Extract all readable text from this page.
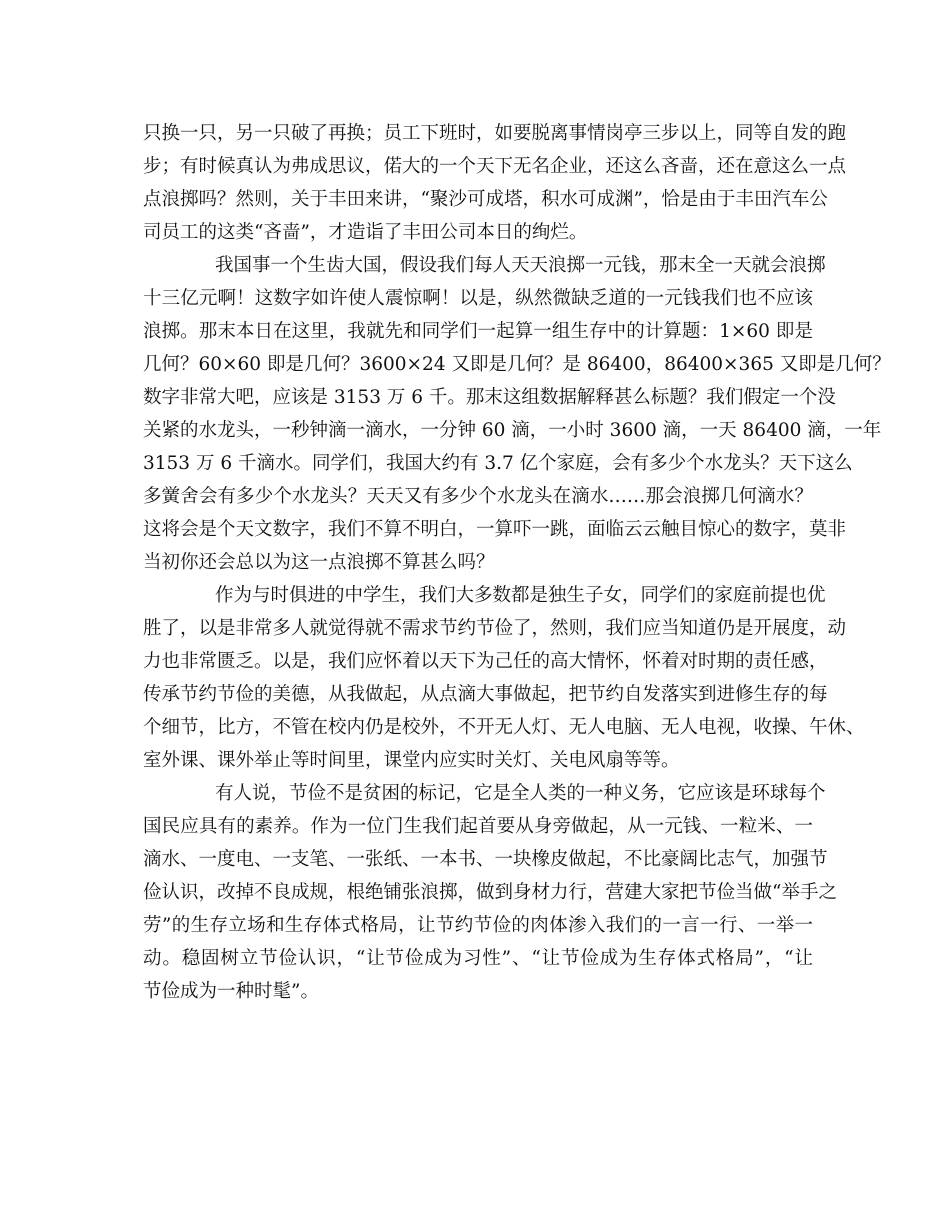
只换一只，另一只破了再换；员工下班时，如要脱离事情岗亭三步以上，同等自发的跑
步；有时候真认为弗成思议，偌大的一个天下无名企业，还这么吝啬，还在意这么一点
点浪掷吗？然则，关于丰田来讲，“聚沙可成塔，积水可成渊”，恰是由于丰田汽车公
司员工的这类“吝啬”，才造诣了丰田公司本日的绚烂。
我国事一个生齿大国，假设我们每人天天浪掷一元钱，那末全一天就会浪掷
十三亿元啊！这数字如许使人震惊啊！以是，纵然微缺乏道的一元钱我们也不应该
浪掷。那末本日在这里，我就先和同学们一起算一组生存中的计算题：1×60 即是
几何？60×60 即是几何？3600×24 又即是几何？是 86400，86400×365 又即是几何？
数字非常大吧，应该是 3153 万 6 千。那末这组数据解释甚么标题？我们假定一个没
关紧的水龙头，一秒钟滴一滴水，一分钟 60 滴，一小时 3600 滴，一天 86400 滴，一年
3153 万 6 千滴水。同学们，我国大约有 3.7 亿个家庭，会有多少个水龙头？天下这么
多黉舍会有多少个水龙头？天天又有多少个水龙头在滴水……那会浪掷几何滴水？
这将会是个天文数字，我们不算不明白，一算吓一跳，面临云云触目惊心的数字，莫非
当初你还会总以为这一点浪掷不算甚么吗？
作为与时俱进的中学生，我们大多数都是独生子女，同学们的家庭前提也优
胜了，以是非常多人就觉得就不需求节约节俭了，然则，我们应当知道仍是开展度，动
力也非常匮乏。以是，我们应怀着以天下为己任的高大情怀，怀着对时期的责任感，
传承节约节俭的美德，从我做起，从点滴大事做起，把节约自发落实到进修生存的每
个细节，比方，不管在校内仍是校外，不开无人灯、无人电脑、无人电视，收操、午休、
室外课、课外举止等时间里，课堂内应实时关灯、关电风扇等等。
有人说，节俭不是贫困的标记，它是全人类的一种义务，它应该是环球每个
国民应具有的素养。作为一位门生我们起首要从身旁做起，从一元钱、一粒米、一
滴水、一度电、一支笔、一张纸、一本书、一块橡皮做起，不比豪阔比志气，加强节
俭认识，改掉不良成规，根绝铺张浪掷，做到身材力行，营建大家把节俭当做“举手之
劳”的生存立场和生存体式格局，让节约节俭的肉体渗入我们的一言一行、一举一
动。稳固树立节俭认识，“让节俭成为习性”、“让节俭成为生存体式格局”，“让
节俭成为一种时髦”。
